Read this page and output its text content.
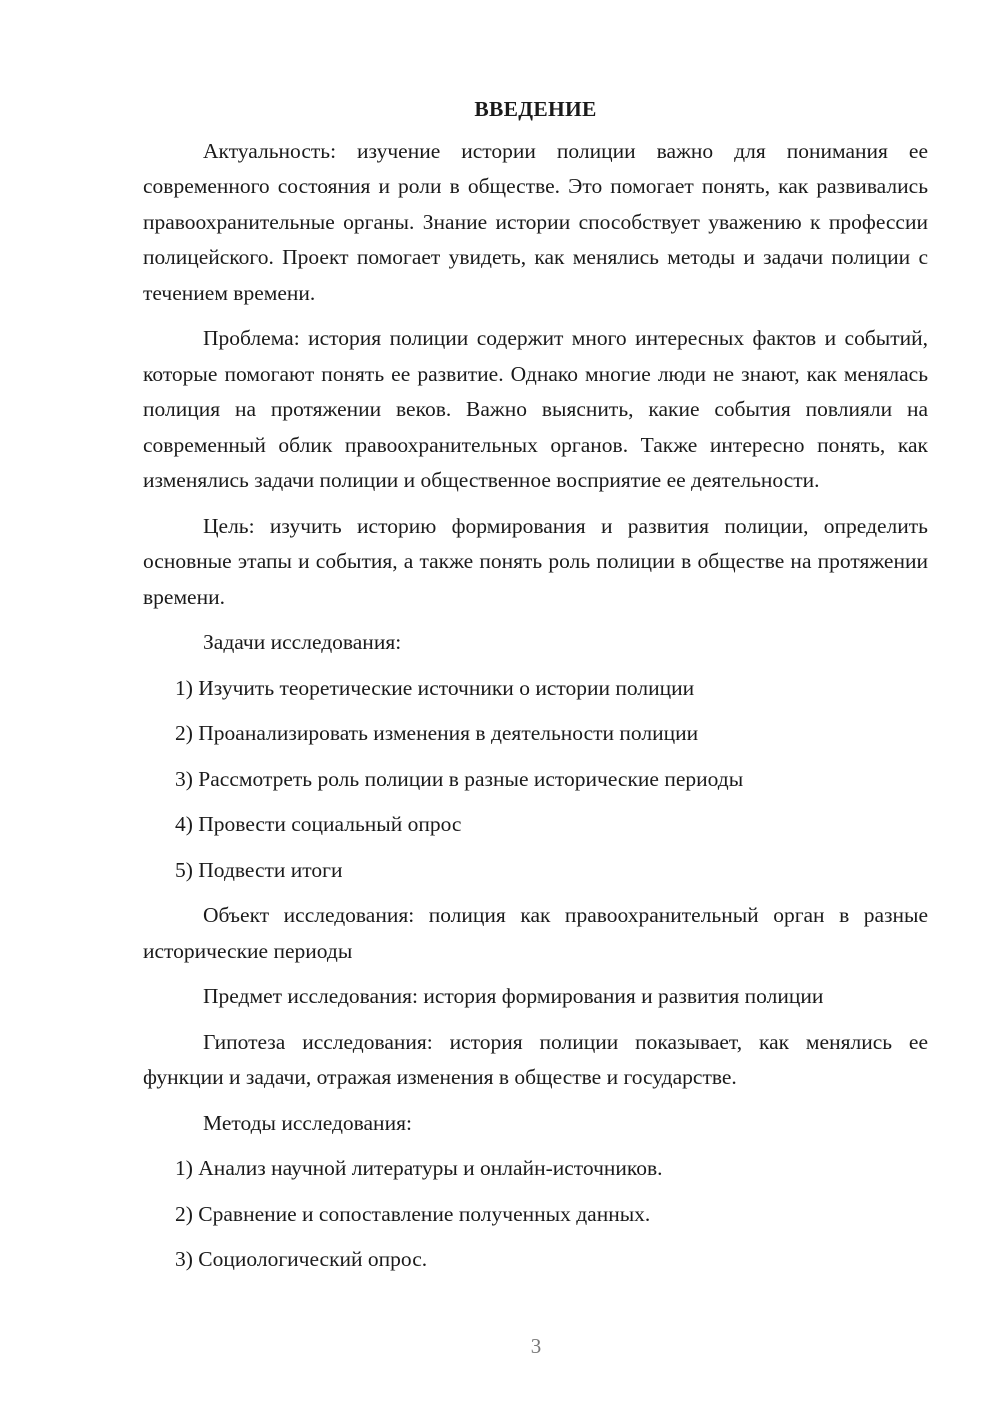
ВВЕДЕНИЕ

Актуальность: изучение истории полиции важно для понимания ее современного состояния и роли в обществе. Это помогает понять, как развивались правоохранительные органы. Знание истории способствует уважению к профессии полицейского. Проект помогает увидеть, как менялись методы и задачи полиции с течением времени.

Проблема: история полиции содержит много интересных фактов и событий, которые помогают понять ее развитие. Однако многие люди не знают, как менялась полиция на протяжении веков. Важно выяснить, какие события повлияли на современный облик правоохранительных органов. Также интересно понять, как изменялись задачи полиции и общественное восприятие ее деятельности.

Цель: изучить историю формирования и развития полиции, определить основные этапы и события, а также понять роль полиции в обществе на протяжении времени.

Задачи исследования:

1) Изучить теоретические источники о истории полиции
2) Проанализировать изменения в деятельности полиции
3) Рассмотреть роль полиции в разные исторические периоды
4) Провести социальный опрос
5) Подвести итоги

Объект исследования: полиция как правоохранительный орган в разные исторические периоды

Предмет исследования: история формирования и развития полиции

Гипотеза исследования: история полиции показывает, как менялись ее функции и задачи, отражая изменения в обществе и государстве.

Методы исследования:

1) Анализ научной литературы и онлайн-источников.
2) Сравнение и сопоставление полученных данных.
3) Социологический опрос.
3
